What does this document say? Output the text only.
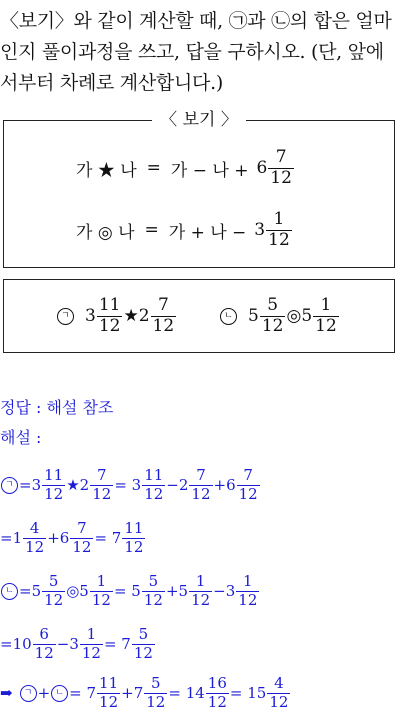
〈보기〉와 같이 계산할 때, ㉠과 ㉡의 합은 얼마인지 풀이과정을 쓰고, 답을 구하시오. (단, 앞에서부터 차례로 계산합니다.)
〈 보기 〉
가 ★ 나 = 가 − 나 + $6 \frac{7}{12}$
가 ◎ 나 = 가 + 나 − $3 \frac{1}{12}$
ㄱ
$3 \frac{11}{12}$ ★ $2 \frac{7}{12}$ ㄴ	$5 \frac{5}{12}$ ◎ $5 \frac{1}{12}$
정답 : 해설 참조
해설 :
ㄱ
$=3 \frac{11}{12}$ ★2 $\frac{7}{12} = 3 \frac{11}{12} -2 \frac{7}{12} +6 \frac{7}{12}$
$=1 \frac{4}{12} +6 \frac{7}{12} = 7 \frac{11}{12}$
ㄴ
$=5 \frac{5}{12}$ ◎5 $\frac{1}{12} = 5 \frac{5}{12} +5 \frac{1}{12} -3 \frac{1}{12}$
$=10 \frac{6}{12} -3 \frac{1}{12} = 7 \frac{5}{12}$
➡ ㄱ + ㄴ = $7 \frac{11}{12} +7 \frac{5}{12} = 14 \frac{16}{12} = 15 \frac{4}{12}$
